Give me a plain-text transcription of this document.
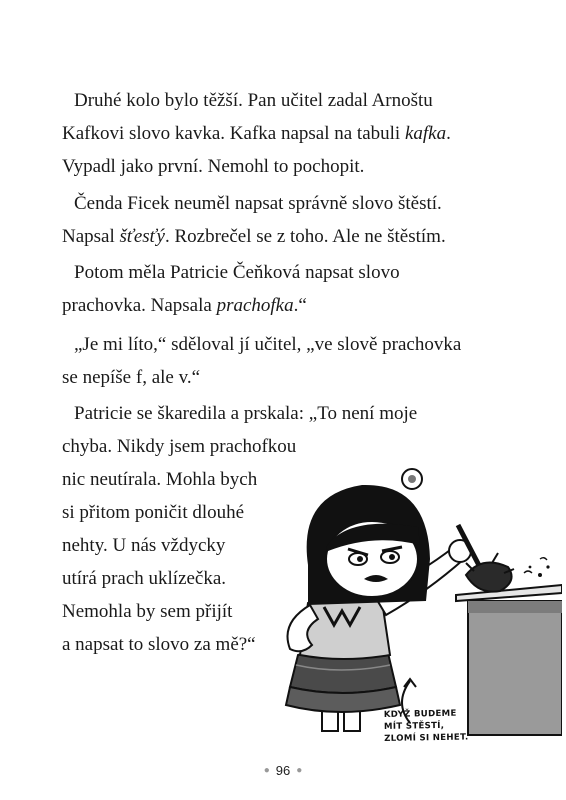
Druhé kolo bylo těžší. Pan učitel zadal Arnoštu
Kafkovi slovo kavka. Kafka napsal na tabuli kafka.
Vypadl jako první. Nemohl to pochopit.
Čenda Ficek neuměl napsat správně slovo štěstí.
Napsal šťesťý. Rozbrečel se z toho. Ale ne štěstím.
Potom měla Patricie Čeňková napsat slovo
prachovka. Napsala prachofka.“
„Je mi líto,“ sděloval jí učitel, „ve slově prachovka
se nepíše f, ale v.“
Patricie se škaredila a prskala: „To není moje
chyba. Nikdy jsem prachofkou
nic neutírala. Mohla bych
si přitom poničit dlouhé
nehty. U nás vždycky
utírá prach uklízečka.
Nemohla by sem přijít
a napsat to slovo za mě?“
KDYŽ BUDEME
MÍT ŠTĚSTÍ,
ZLOMÍ SI NEHET.
● 96 ●
